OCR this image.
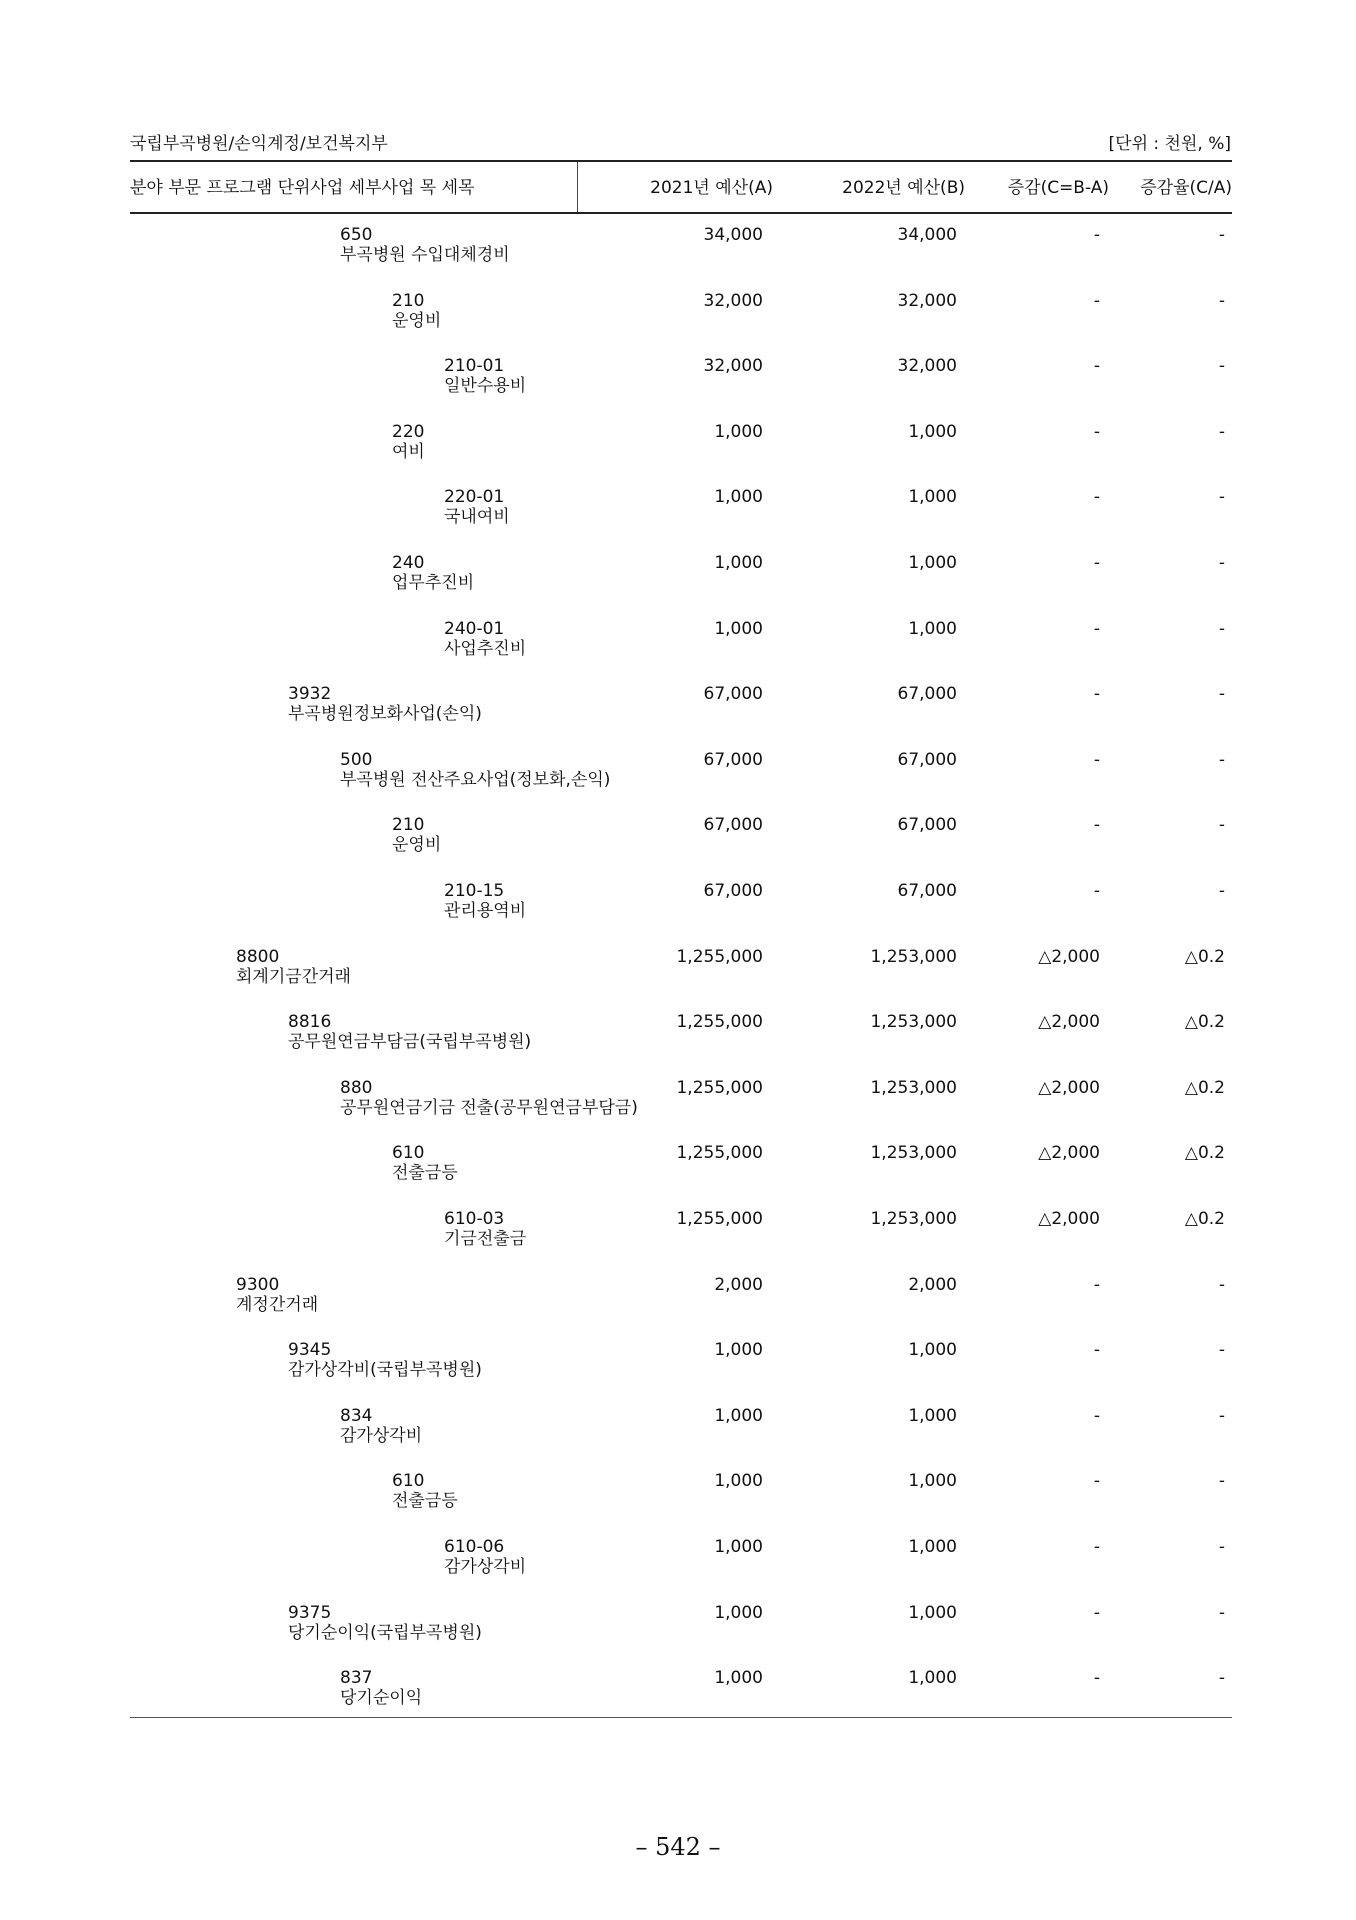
국립부곡병원/손익계정/보건복지부	[단위 : 천원, %]
분야 부문 프로그램 단위사업 세부사업 목 세목	2021년 예산(A)	2022년 예산(B)	증감(C=B-A) 증감율(C/A)
650
부곡병원 수입대체경비
34,000	34,000	-	-
210
운영비
32,000	32,000	-	-
210-01
일반수용비
32,000	32,000	-	-
220
여비
1,000	1,000	-	-
220-01
국내여비
1,000	1,000	-	-
240
업무추진비
1,000	1,000	-	-
240-01
사업추진비
1,000	1,000	-	-
3932
부곡병원정보화사업(손익)
67,000	67,000	-	-
500
부곡병원 전산주요사업(정보화,손익)
67,000	67,000	-	-
210
운영비
67,000	67,000	-	-
210-15
관리용역비
67,000	67,000	-	-
8800
회계기금간거래
1,255,000	1,253,000	△2,000	△0.2
8816
공무원연금부담금(국립부곡병원)
1,255,000	1,253,000	△2,000	△0.2
880
공무원연금기금 전출(공무원연금부담금)
1,255,000	1,253,000	△2,000	△0.2
610
전출금등
1,255,000	1,253,000	△2,000	△0.2
610-03
기금전출금
1,255,000	1,253,000	△2,000	△0.2
9300
계정간거래
2,000	2,000	-	-
9345
감가상각비(국립부곡병원)
1,000	1,000	-	-
834
감가상각비
1,000	1,000	-	-
610
전출금등
1,000	1,000	-	-
610-06
감가상각비
1,000	1,000	-	-
9375
당기순이익(국립부곡병원)
1,000	1,000	-	-
837
당기순이익
1,000	1,000	-	-
– 542 –
